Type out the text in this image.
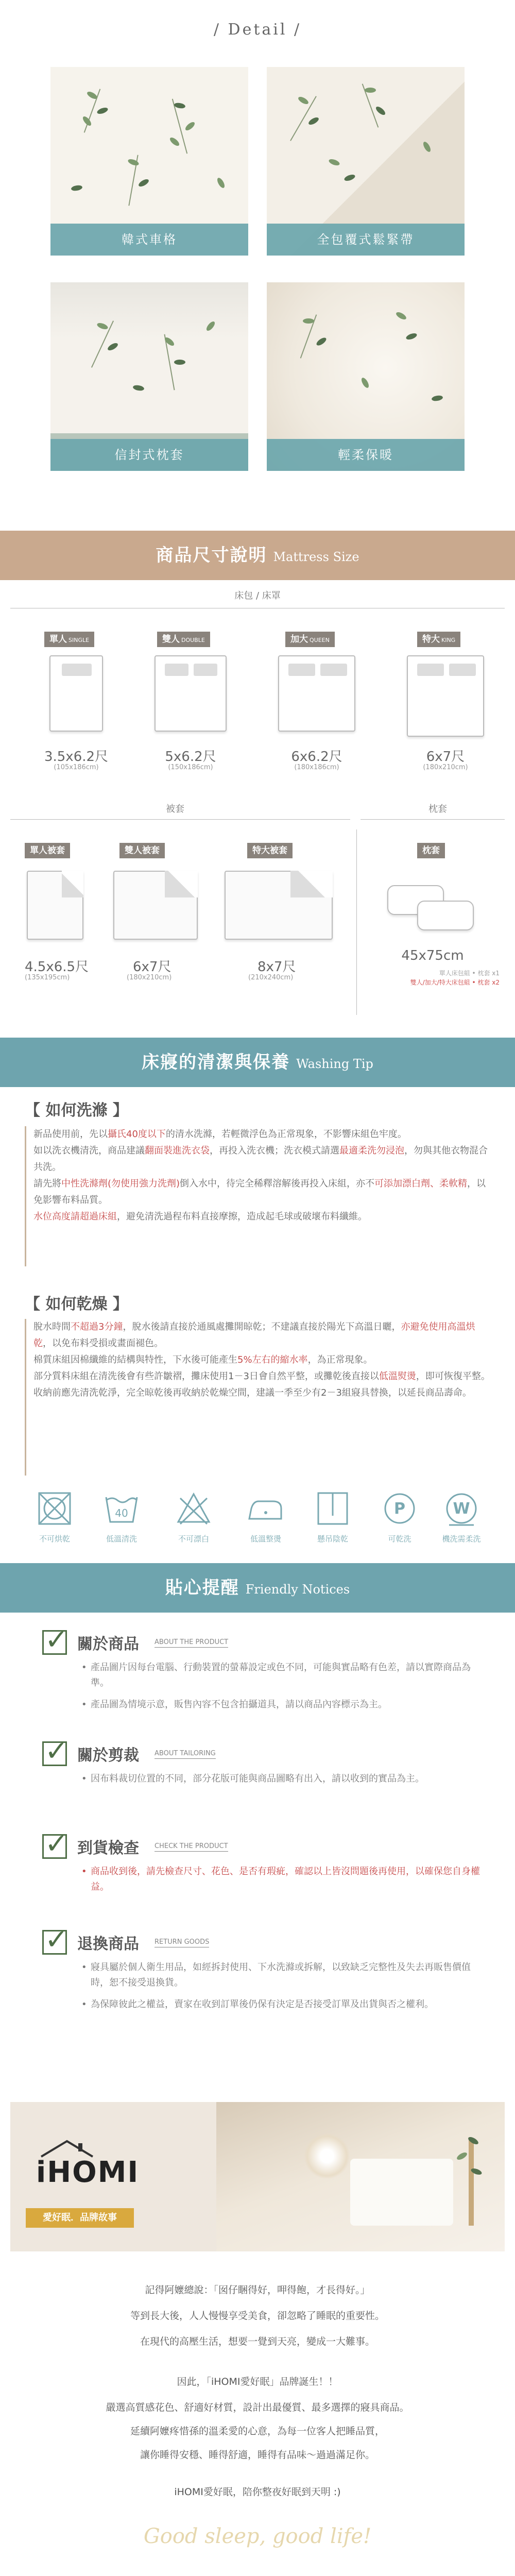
/ Detail /
韓式車格	全包覆式鬆緊帶
信封式枕套	輕柔保暖
商品尺寸說明 Mattress Size
床包 / 床罩
單人 SINGLE
3.5x6.2尺
(105x186cm)
雙人 DOUBLE
5x6.2尺
(150x186cm)
加大 QUEEN
6x6.2尺
(180x186cm)
特大 KING
6x7尺
(180x210cm)
被套	枕套
單人被套
4.5x6.5尺
(135x195cm)
雙人被套
6x7尺
(180x210cm)
特大被套
8x7尺
(210x240cm)
枕套
45x75cm
單人床包組 • 枕套 x1
雙人/加大/特大床包組 • 枕套 x2
床寢的清潔與保養 Washing Tip
【 如何洗滌 】

新品使用前，先以攝氏40度以下的清水洗滌，若輕微浮色為正常現象，不影響床組色牢度。

如以洗衣機清洗，商品建議翻面裝進洗衣袋，再投入洗衣機；洗衣模式請選最適柔洗勿浸泡，勿與其他衣物混合共洗。

請先將中性洗滌劑(勿使用強力洗劑)倒入水中，待完全稀釋溶解後再投入床組，亦不可添加漂白劑、柔軟精，以免影響布料品質。

水位高度請超過床組，避免清洗過程布料直接摩擦，造成起毛球或破壞布料纖維。

【 如何乾燥 】

脫水時間不超過3分鐘，脫水後請直接於通風處攤開晾乾；不建議直接於陽光下高溫日曬，亦避免使用高溫烘乾，以免布料受損或畫面褪色。

棉質床組因棉纖維的結構與特性，下水後可能產生5%左右的縮水率，為正常現象。

部分質料床組在清洗後會有些許皺褶，攤床使用1－3日會自然平整，或攤乾後直接以低溫熨燙，即可恢復平整。

收納前應先清洗乾淨，完全晾乾後再收納於乾燥空間，建議一季至少有2－3組寢具替換，以延長商品壽命。

不可烘乾
40
低溫清洗	不可漂白	低溫整燙	懸吊陰乾
P
可乾洗
W
機洗需柔洗
貼心提醒 Friendly Notices
✓ 關於商品 ABOUT THE PRODUCT
• 產品圖片因每台電腦、行動裝置的螢幕設定或色不同，可能與實品略有色差，請以實際商品為準。
• 產品圖為情境示意，販售內容不包含拍攝道具，請以商品內容標示為主。
✓ 關於剪裁 ABOUT TAILORING
• 因布料裁切位置的不同，部分花版可能與商品圖略有出入，請以收到的實品為主。
✓ 到貨檢查 CHECK THE PRODUCT
• 商品收到後，請先檢查尺寸、花色、是否有瑕疵，確認以上皆沒問題後再使用，以確保您自身權益。
✓ 退換商品 RETURN GOODS
• 寢具屬於個人衛生用品，如經拆封使用、下水洗滌或拆解，以致缺乏完整性及失去再販售價值時，恕不接受退換貨。
• 為保障彼此之權益，賣家在收到訂單後仍保有決定是否接受訂單及出貨與否之權利。
iHOMI
愛好眠．品牌故事

記得阿嬤總說：「囡仔睏得好，呷得飽，才長得好。」

等到長大後，人人慢慢享受美食，卻忽略了睡眠的重要性。

在現代的高壓生活，想要一覺到天亮，變成一大難事。

因此，「iHOMI愛好眠」品牌誕生！！

嚴選高質感花色、舒適好材質，設計出最優質、最多選擇的寢具商品。

延續阿嬤疼惜孫的溫柔愛的心意，為每一位客人把睡品質，

讓你睡得安穩、睡得舒適，睡得有品味～過過滿足你。

iHOMI愛好眠，陪你整夜好眠到天明 :)

Good sleep, good life!
